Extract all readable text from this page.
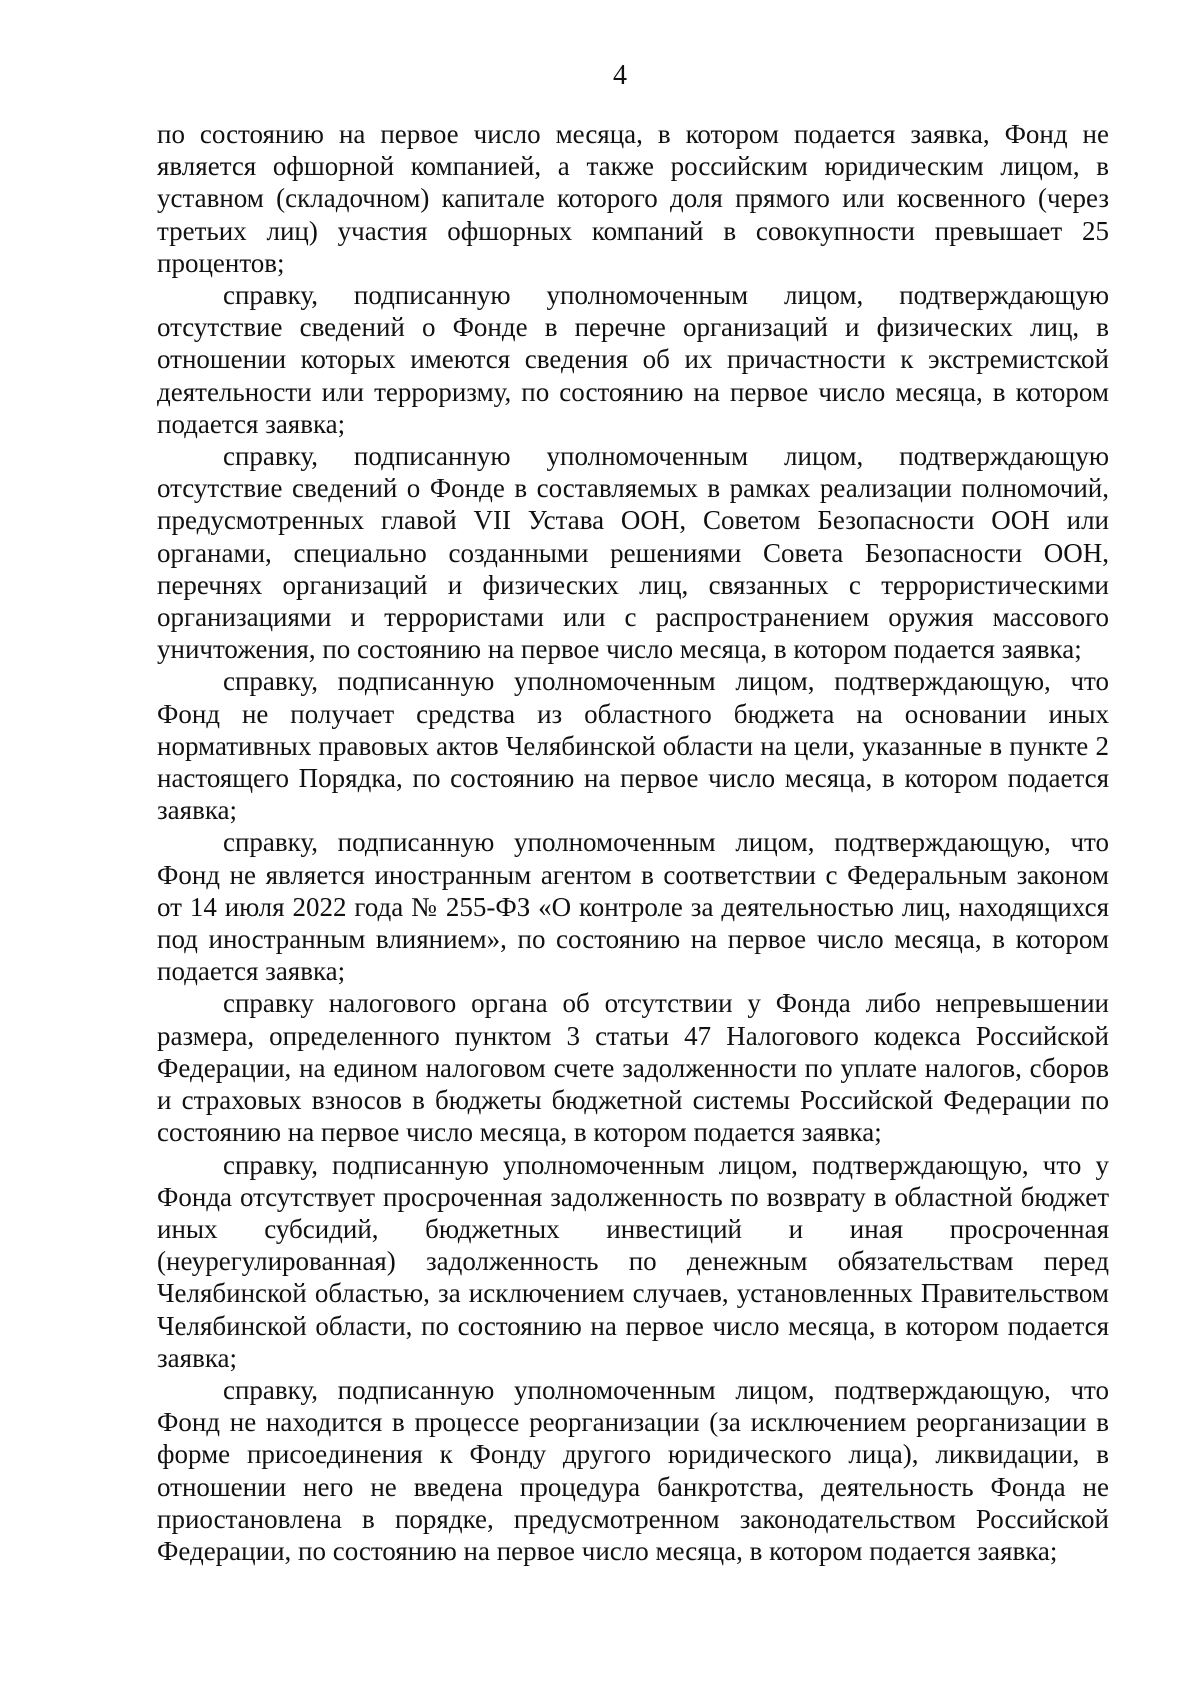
4

по состоянию на первое число месяца, в котором подается заявка, Фонд не является офшорной компанией, а также российским юридическим лицом, в уставном (складочном) капитале которого доля прямого или косвенного (через третьих лиц) участия офшорных компаний в совокупности превышает 25 процентов;

справку, подписанную уполномоченным лицом, подтверждающую отсутствие сведений о Фонде в перечне организаций и физических лиц, в отношении которых имеются сведения об их причастности к экстремистской деятельности или терроризму, по состоянию на первое число месяца, в котором подается заявка;

справку, подписанную уполномоченным лицом, подтверждающую отсутствие сведений о Фонде в составляемых в рамках реализации полномочий, предусмотренных главой VII Устава ООН, Советом Безопасности ООН или органами, специально созданными решениями Совета Безопасности ООН, перечнях организаций и физических лиц, связанных с террористическими организациями и террористами или с распространением оружия массового уничтожения, по состоянию на первое число месяца, в котором подается заявка;

справку, подписанную уполномоченным лицом, подтверждающую, что Фонд не получает средства из областного бюджета на основании иных нормативных правовых актов Челябинской области на цели, указанные в пункте 2 настоящего Порядка, по состоянию на первое число месяца, в котором подается заявка;

справку, подписанную уполномоченным лицом, подтверждающую, что Фонд не является иностранным агентом в соответствии с Федеральным законом от 14 июля 2022 года № 255-ФЗ «О контроле за деятельностью лиц, находящихся под иностранным влиянием», по состоянию на первое число месяца, в котором подается заявка;

справку налогового органа об отсутствии у Фонда либо непревышении размера, определенного пунктом 3 статьи 47 Налогового кодекса Российской Федерации, на едином налоговом счете задолженности по уплате налогов, сборов и страховых взносов в бюджеты бюджетной системы Российской Федерации по состоянию на первое число месяца, в котором подается заявка;

справку, подписанную уполномоченным лицом, подтверждающую, что у Фонда отсутствует просроченная задолженность по возврату в областной бюджет иных субсидий, бюджетных инвестиций и иная просроченная (неурегулированная) задолженность по денежным обязательствам перед Челябинской областью, за исключением случаев, установленных Правительством Челябинской области, по состоянию на первое число месяца, в котором подается заявка;

справку, подписанную уполномоченным лицом, подтверждающую, что Фонд не находится в процессе реорганизации (за исключением реорганизации в форме присоединения к Фонду другого юридического лица), ликвидации, в отношении него не введена процедура банкротства, деятельность Фонда не приостановлена в порядке, предусмотренном законодательством Российской Федерации, по состоянию на первое число месяца, в котором подается заявка;
